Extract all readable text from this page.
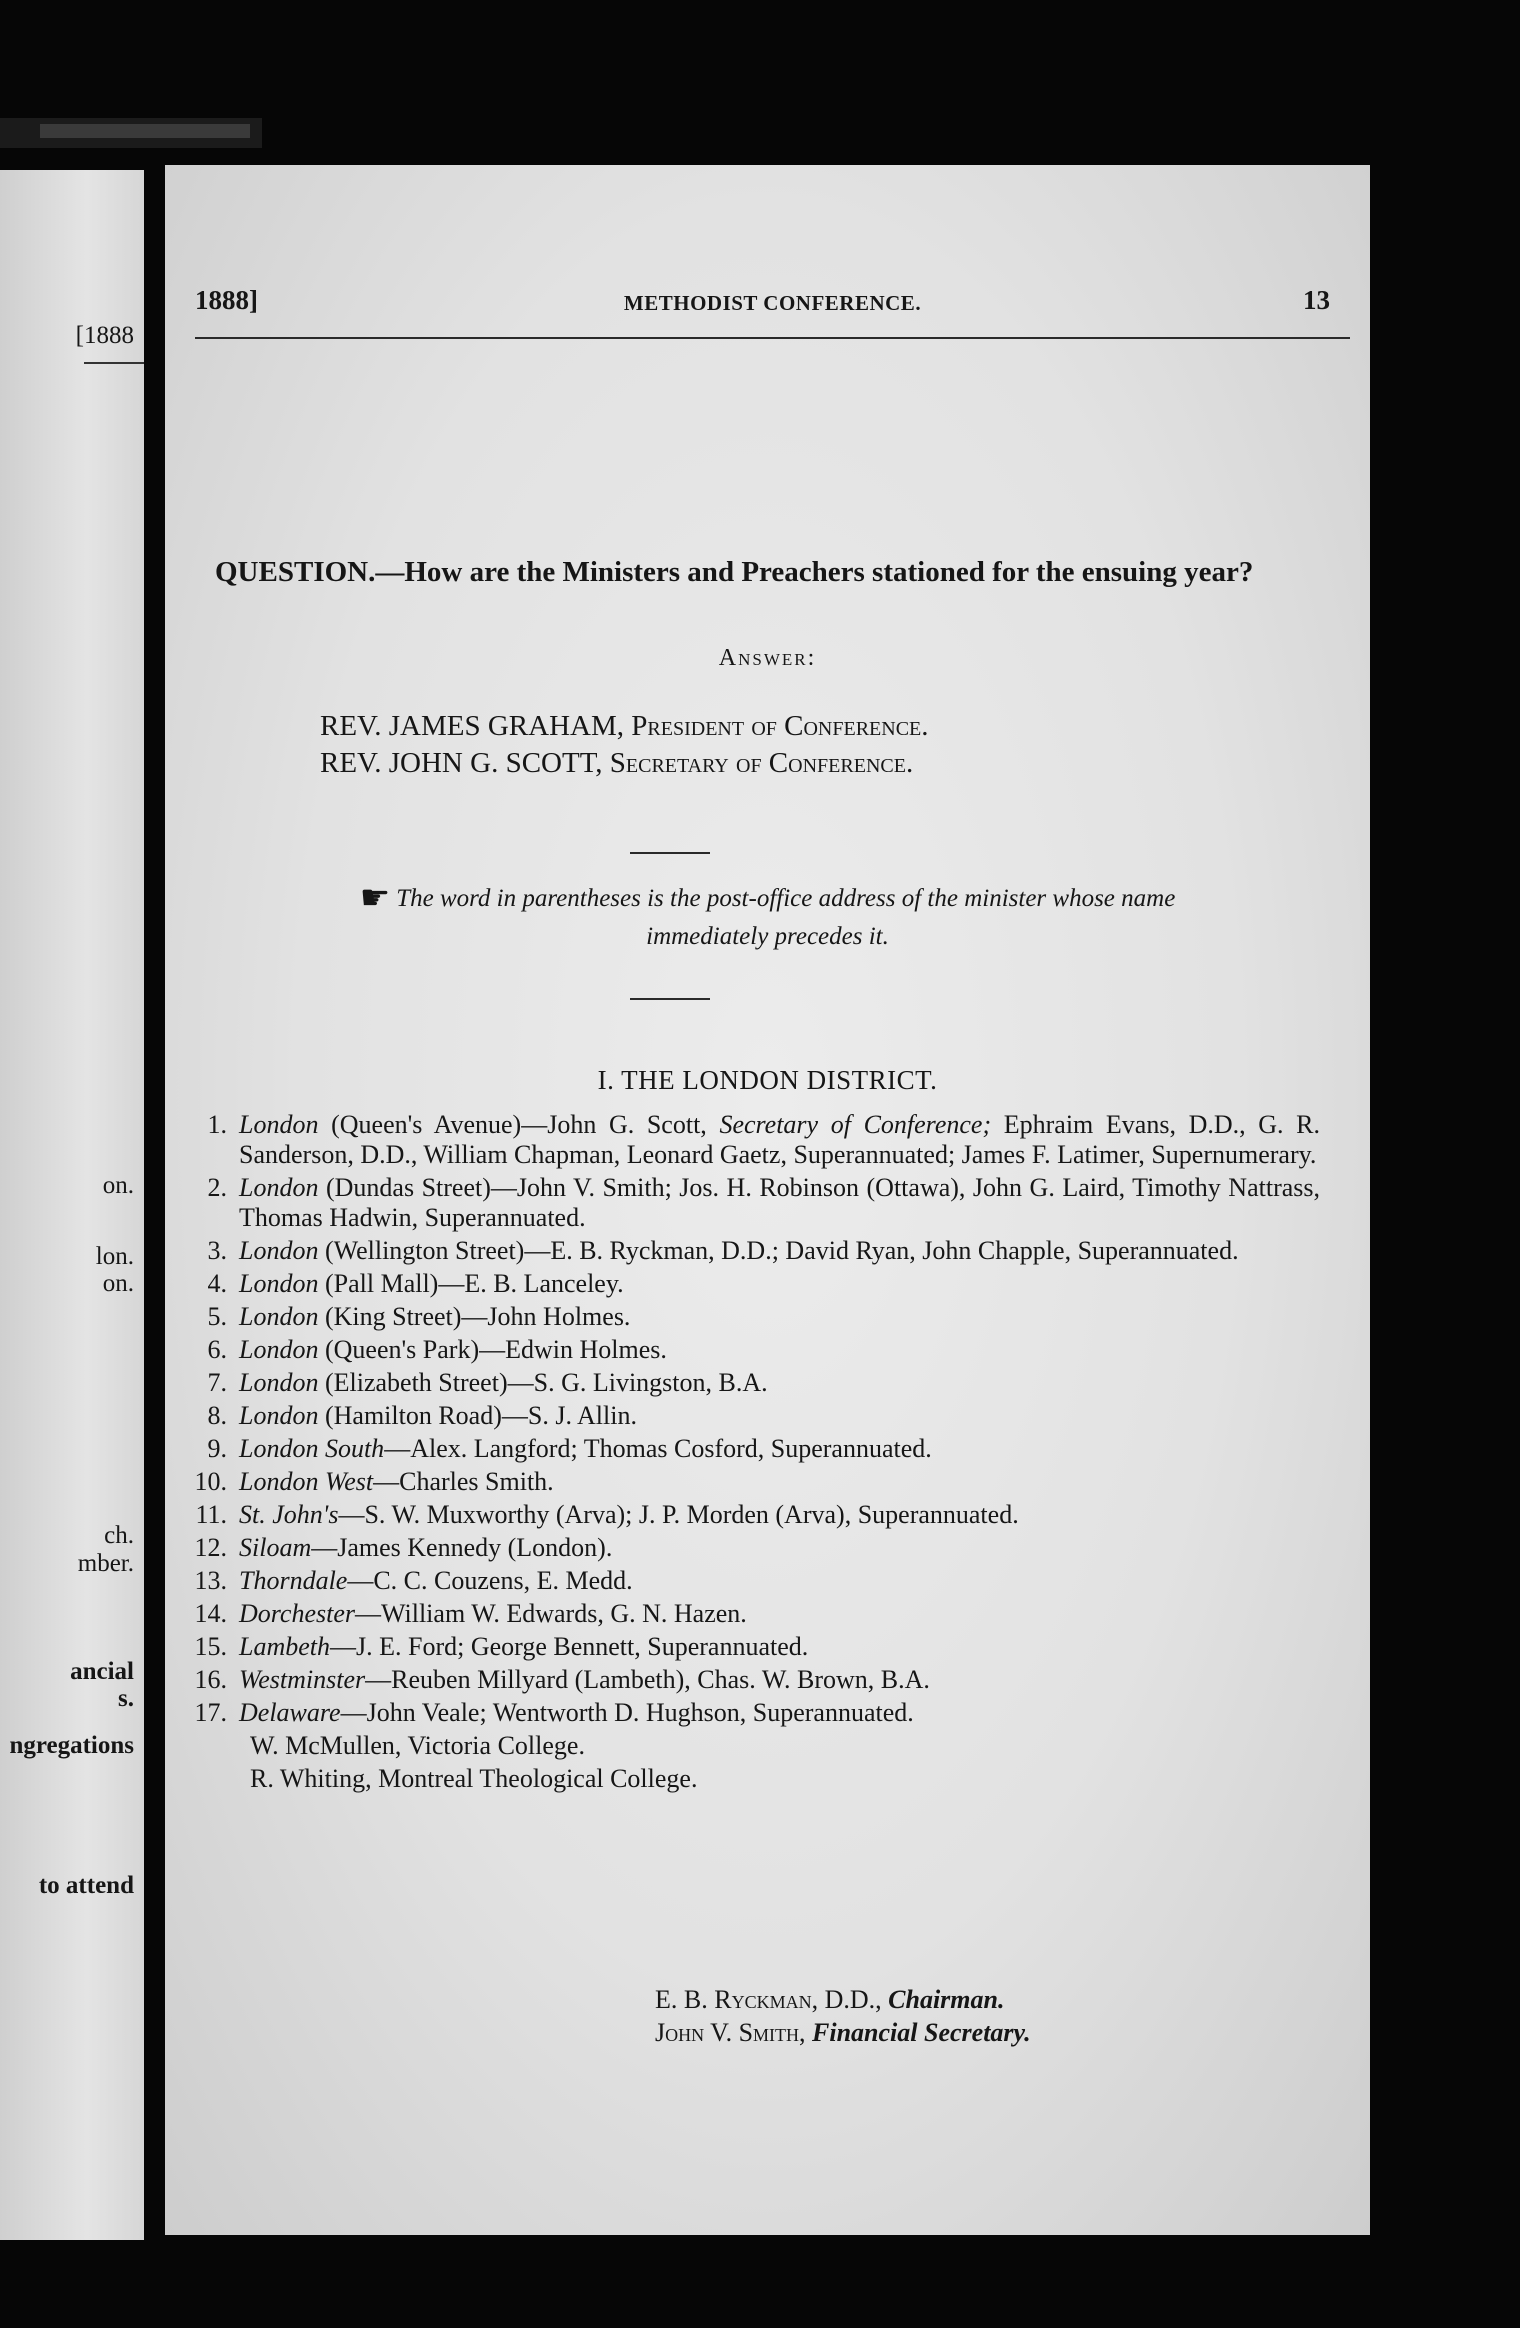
[1888
on.
lon.
on.
ch.
mber.
ancial
s.
ngregations
to attend
1888]	METHODIST CONFERENCE.	13
QUESTION.—How are the Ministers and Preachers stationed for the ensuing year?
Answer:
REV. JAMES GRAHAM, President of Conference.
REV. JOHN G. SCOTT, Secretary of Conference.
☛ The word in parentheses is the post-office address of the minister whose name
immediately precedes it.
I. THE LONDON DISTRICT.
1. London (Queen's Avenue)—John G. Scott, Secretary of Conference; Ephraim Evans, D.D., G. R. Sanderson, D.D., William Chapman, Leonard Gaetz, Superannuated; James F. Latimer, Supernumerary.
2. London (Dundas Street)—John V. Smith; Jos. H. Robinson (Ottawa), John G. Laird, Timothy Nattrass, Thomas Hadwin, Superannuated.
3. London (Wellington Street)—E. B. Ryckman, D.D.; David Ryan, John Chapple, Superannuated.
4. London (Pall Mall)—E. B. Lanceley.
5. London (King Street)—John Holmes.
6. London (Queen's Park)—Edwin Holmes.
7. London (Elizabeth Street)—S. G. Livingston, B.A.
8. London (Hamilton Road)—S. J. Allin.
9. London South—Alex. Langford; Thomas Cosford, Superannuated.
10. London West—Charles Smith.
11. St. John's—S. W. Muxworthy (Arva); J. P. Morden (Arva), Superannuated.
12. Siloam—James Kennedy (London).
13. Thorndale—C. C. Couzens, E. Medd.
14. Dorchester—William W. Edwards, G. N. Hazen.
15. Lambeth—J. E. Ford; George Bennett, Superannuated.
16. Westminster—Reuben Millyard (Lambeth), Chas. W. Brown, B.A.
17. Delaware—John Veale; Wentworth D. Hughson, Superannuated.
W. McMullen, Victoria College.
R. Whiting, Montreal Theological College.
E. B. Ryckman, D.D., Chairman.
John V. Smith, Financial Secretary.
